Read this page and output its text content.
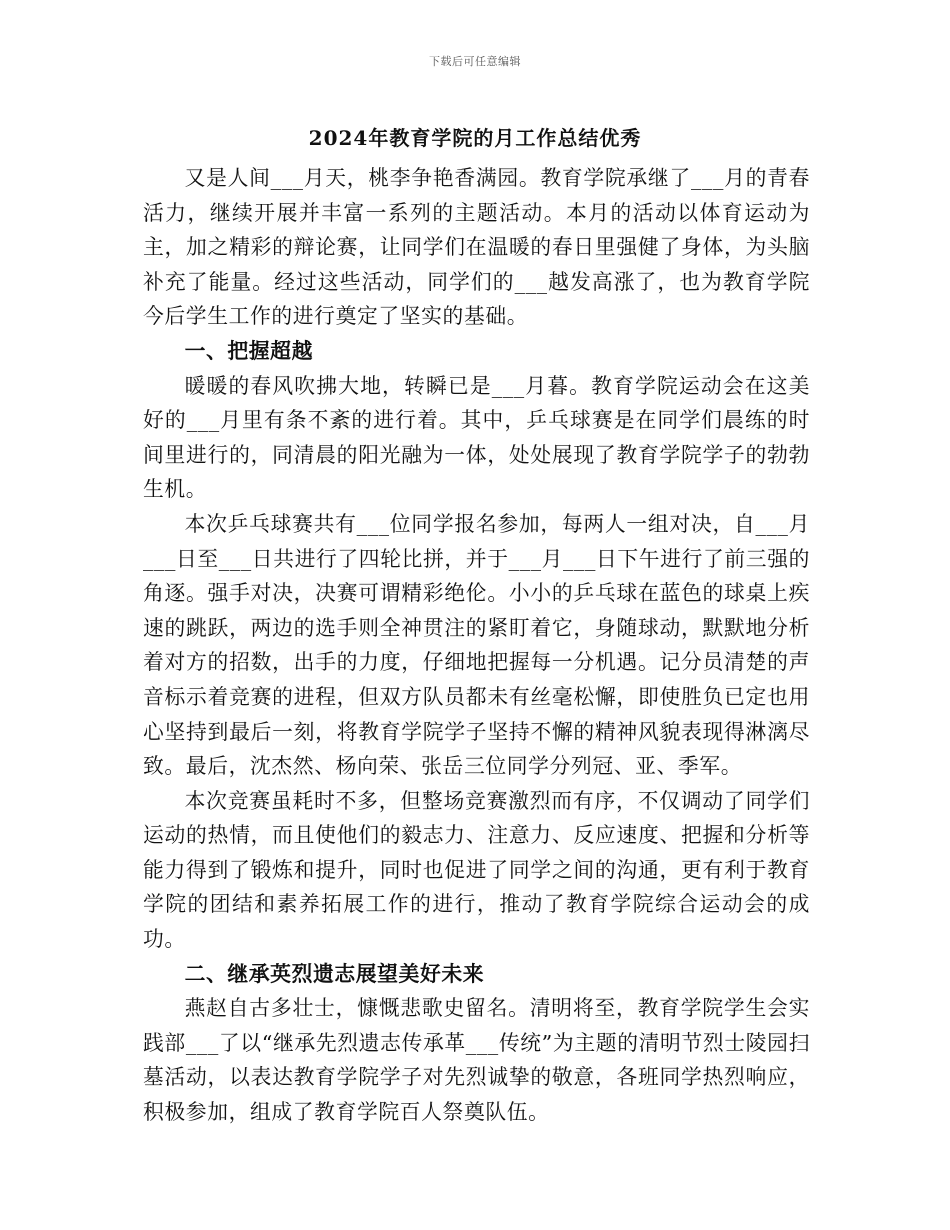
下载后可任意编辑
2024年教育学院的月工作总结优秀

又是人间___月天，桃李争艳香满园。教育学院承继了___月的青春活力，继续开展并丰富一系列的主题活动。本月的活动以体育运动为主，加之精彩的辩论赛，让同学们在温暖的春日里强健了身体，为头脑补充了能量。经过这些活动，同学们的___越发高涨了，也为教育学院今后学生工作的进行奠定了坚实的基础。

一、把握超越

暖暖的春风吹拂大地，转瞬已是___月暮。教育学院运动会在这美好的___月里有条不紊的进行着。其中，乒乓球赛是在同学们晨练的时间里进行的，同清晨的阳光融为一体，处处展现了教育学院学子的勃勃生机。

本次乒乓球赛共有___位同学报名参加，每两人一组对决，自___月___日至___日共进行了四轮比拼，并于___月___日下午进行了前三强的角逐。强手对决，决赛可谓精彩绝伦。小小的乒乓球在蓝色的球桌上疾速的跳跃，两边的选手则全神贯注的紧盯着它，身随球动，默默地分析着对方的招数，出手的力度，仔细地把握每一分机遇。记分员清楚的声音标示着竞赛的进程，但双方队员都未有丝毫松懈，即使胜负已定也用心坚持到最后一刻，将教育学院学子坚持不懈的精神风貌表现得淋漓尽致。最后，沈杰然、杨向荣、张岳三位同学分列冠、亚、季军。

本次竞赛虽耗时不多，但整场竞赛激烈而有序，不仅调动了同学们运动的热情，而且使他们的毅志力、注意力、反应速度、把握和分析等能力得到了锻炼和提升，同时也促进了同学之间的沟通，更有利于教育学院的团结和素养拓展工作的进行，推动了教育学院综合运动会的成功。

二、继承英烈遗志展望美好未来

燕赵自古多壮士，慷慨悲歌史留名。清明将至，教育学院学生会实践部___了以“继承先烈遗志传承革___传统”为主题的清明节烈士陵园扫墓活动，以表达教育学院学子对先烈诚挚的敬意，各班同学热烈响应，积极参加，组成了教育学院百人祭奠队伍。
